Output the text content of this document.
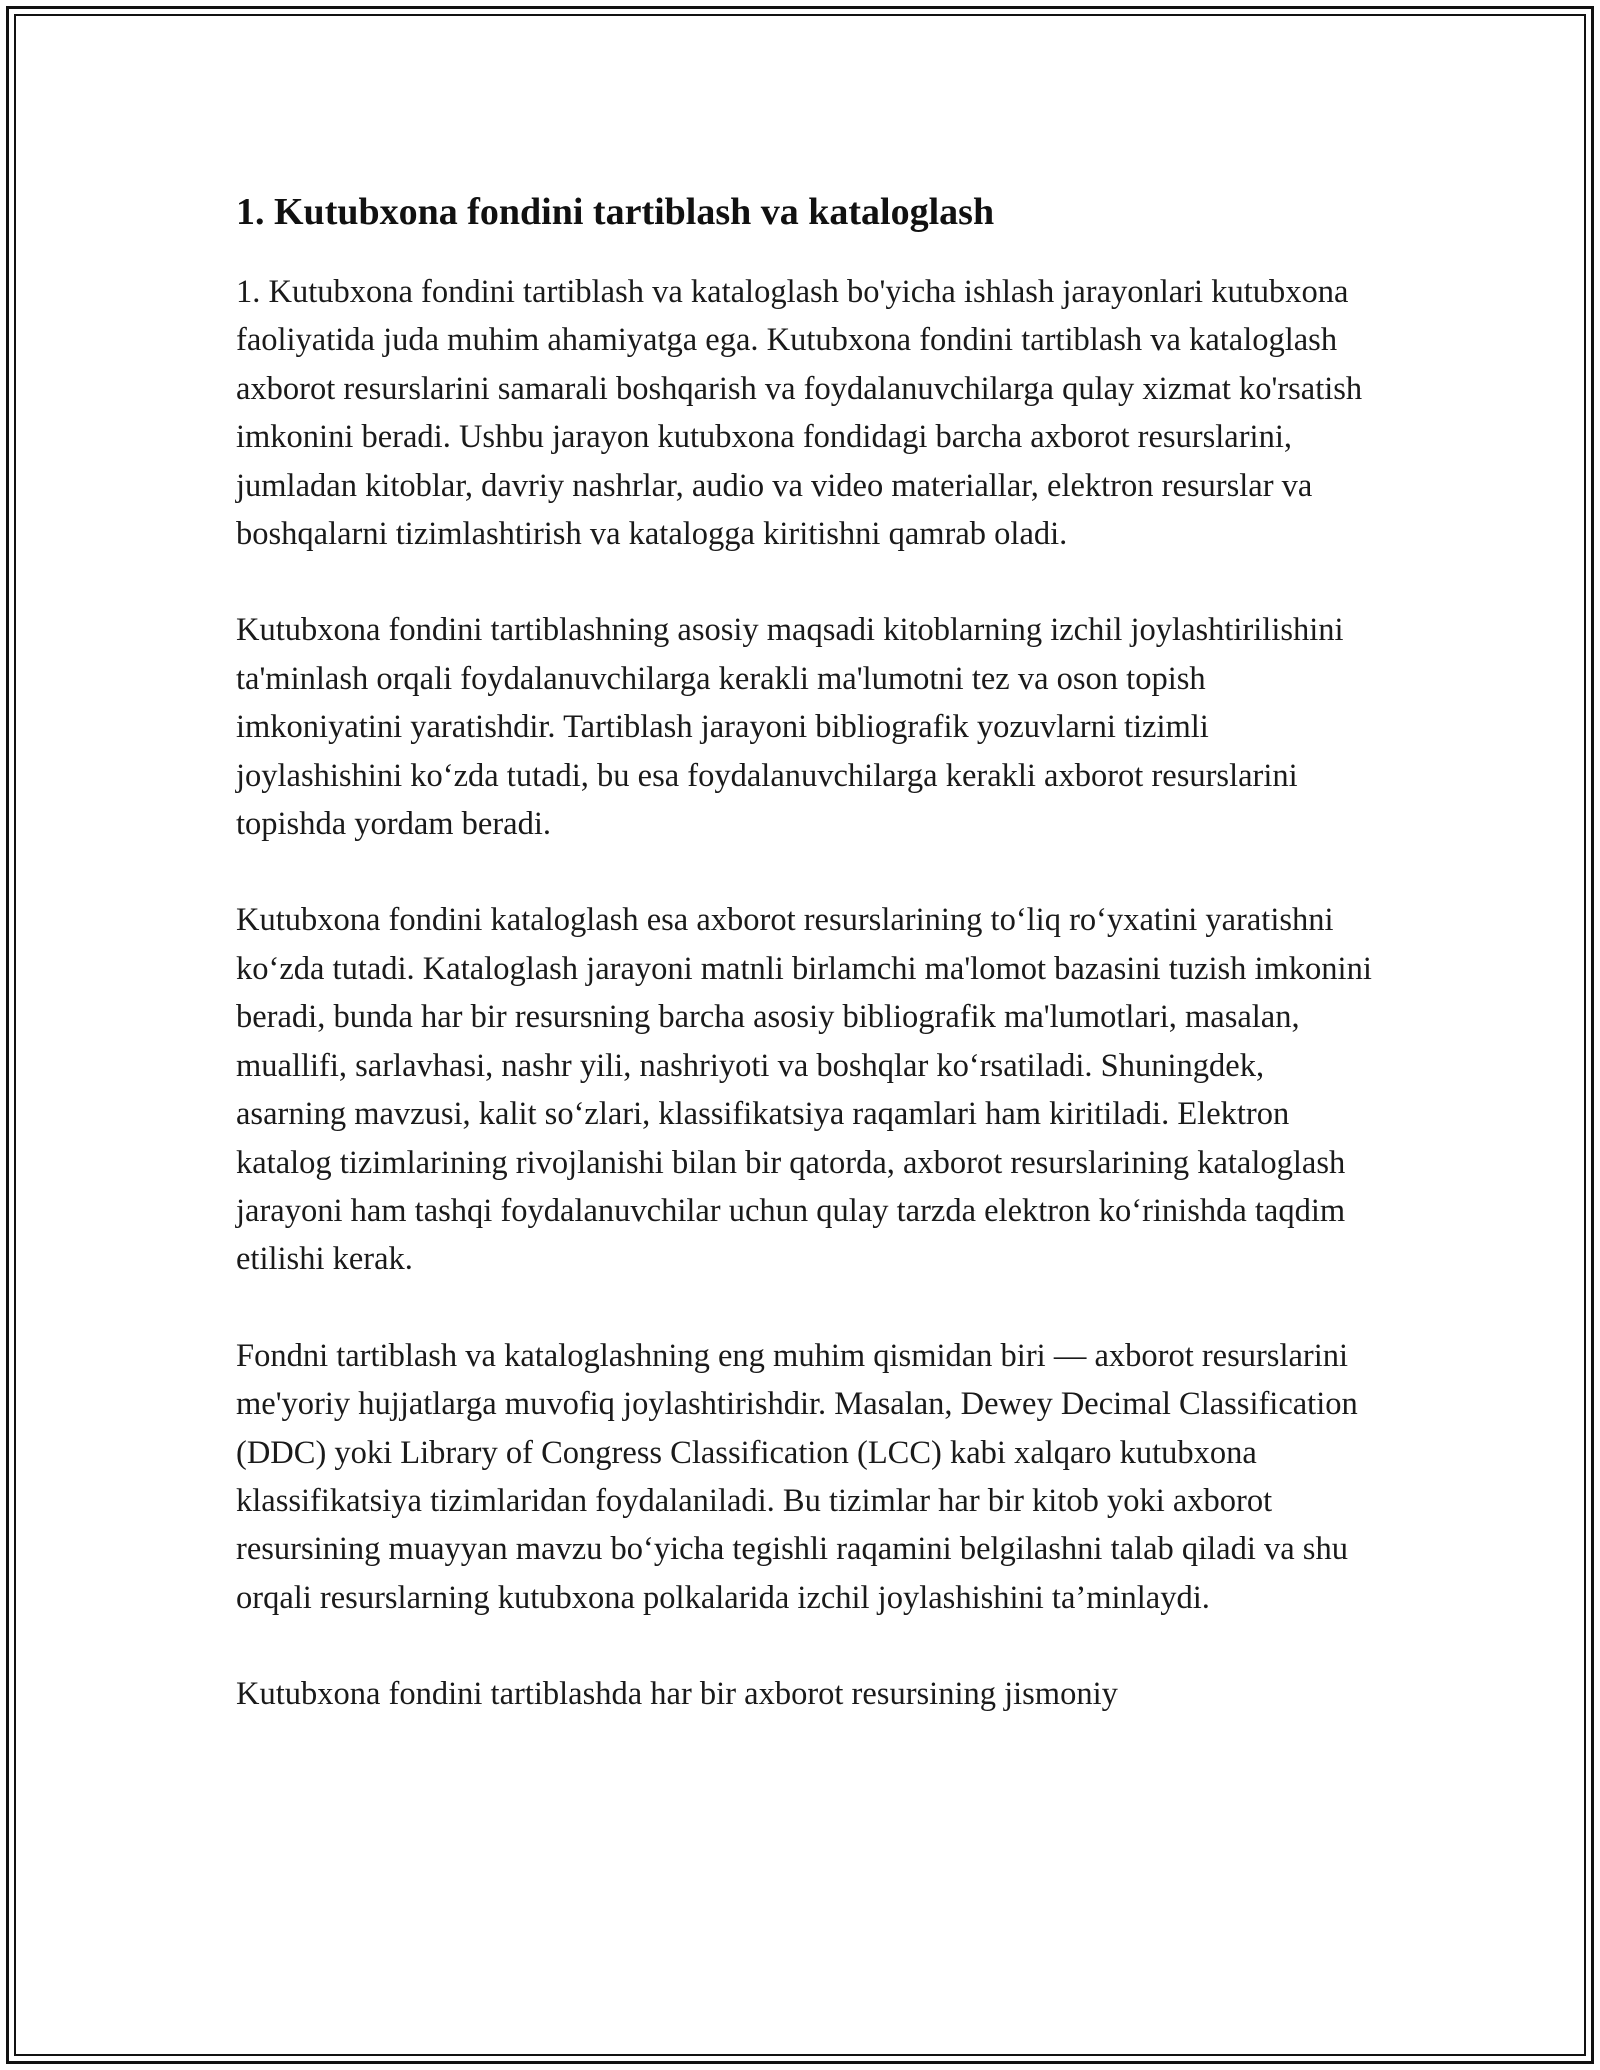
1. Kutubxona fondini tartiblash va kataloglash

1. Kutubxona fondini tartiblash va kataloglash bo'yicha ishlash jarayonlari kutubxona faoliyatida juda muhim ahamiyatga ega. Kutubxona fondini tartiblash va kataloglash axborot resurslarini samarali boshqarish va foydalanuvchilarga qulay xizmat ko'rsatish imkonini beradi. Ushbu jarayon kutubxona fondidagi barcha axborot resurslarini, jumladan kitoblar, davriy nashrlar, audio va video materiallar, elektron resurslar va boshqalarni tizimlashtirish va katalogga kiritishni qamrab oladi.

Kutubxona fondini tartiblashning asosiy maqsadi kitoblarning izchil joylashtirilishini ta'minlash orqali foydalanuvchilarga kerakli ma'lumotni tez va oson topish imkoniyatini yaratishdir. Tartiblash jarayoni bibliografik yozuvlarni tizimli joylashishini ko‘zda tutadi, bu esa foydalanuvchilarga kerakli axborot resurslarini topishda yordam beradi.

Kutubxona fondini kataloglash esa axborot resurslarining to‘liq ro‘yxatini yaratishni ko‘zda tutadi. Kataloglash jarayoni matnli birlamchi ma'lomot bazasini tuzish imkonini beradi, bunda har bir resursning barcha asosiy bibliografik ma'lumotlari, masalan, muallifi, sarlavhasi, nashr yili, nashriyoti va boshqlar ko‘rsatiladi. Shuningdek, asarning mavzusi, kalit so‘zlari, klassifikatsiya raqamlari ham kiritiladi. Elektron katalog tizimlarining rivojlanishi bilan bir qatorda, axborot resurslarining kataloglash jarayoni ham tashqi foydalanuvchilar uchun qulay tarzda elektron ko‘rinishda taqdim etilishi kerak.

Fondni tartiblash va kataloglashning eng muhim qismidan biri — axborot resurslarini me'yoriy hujjatlarga muvofiq joylashtirishdir. Masalan, Dewey Decimal Classification (DDC) yoki Library of Congress Classification (LCC) kabi xalqaro kutubxona klassifikatsiya tizimlaridan foydalaniladi. Bu tizimlar har bir kitob yoki axborot resursining muayyan mavzu bo‘yicha tegishli raqamini belgilashni talab qiladi va shu orqali resurslarning kutubxona polkalarida izchil joylashishini ta’minlaydi.

Kutubxona fondini tartiblashda har bir axborot resursining jismoniy
